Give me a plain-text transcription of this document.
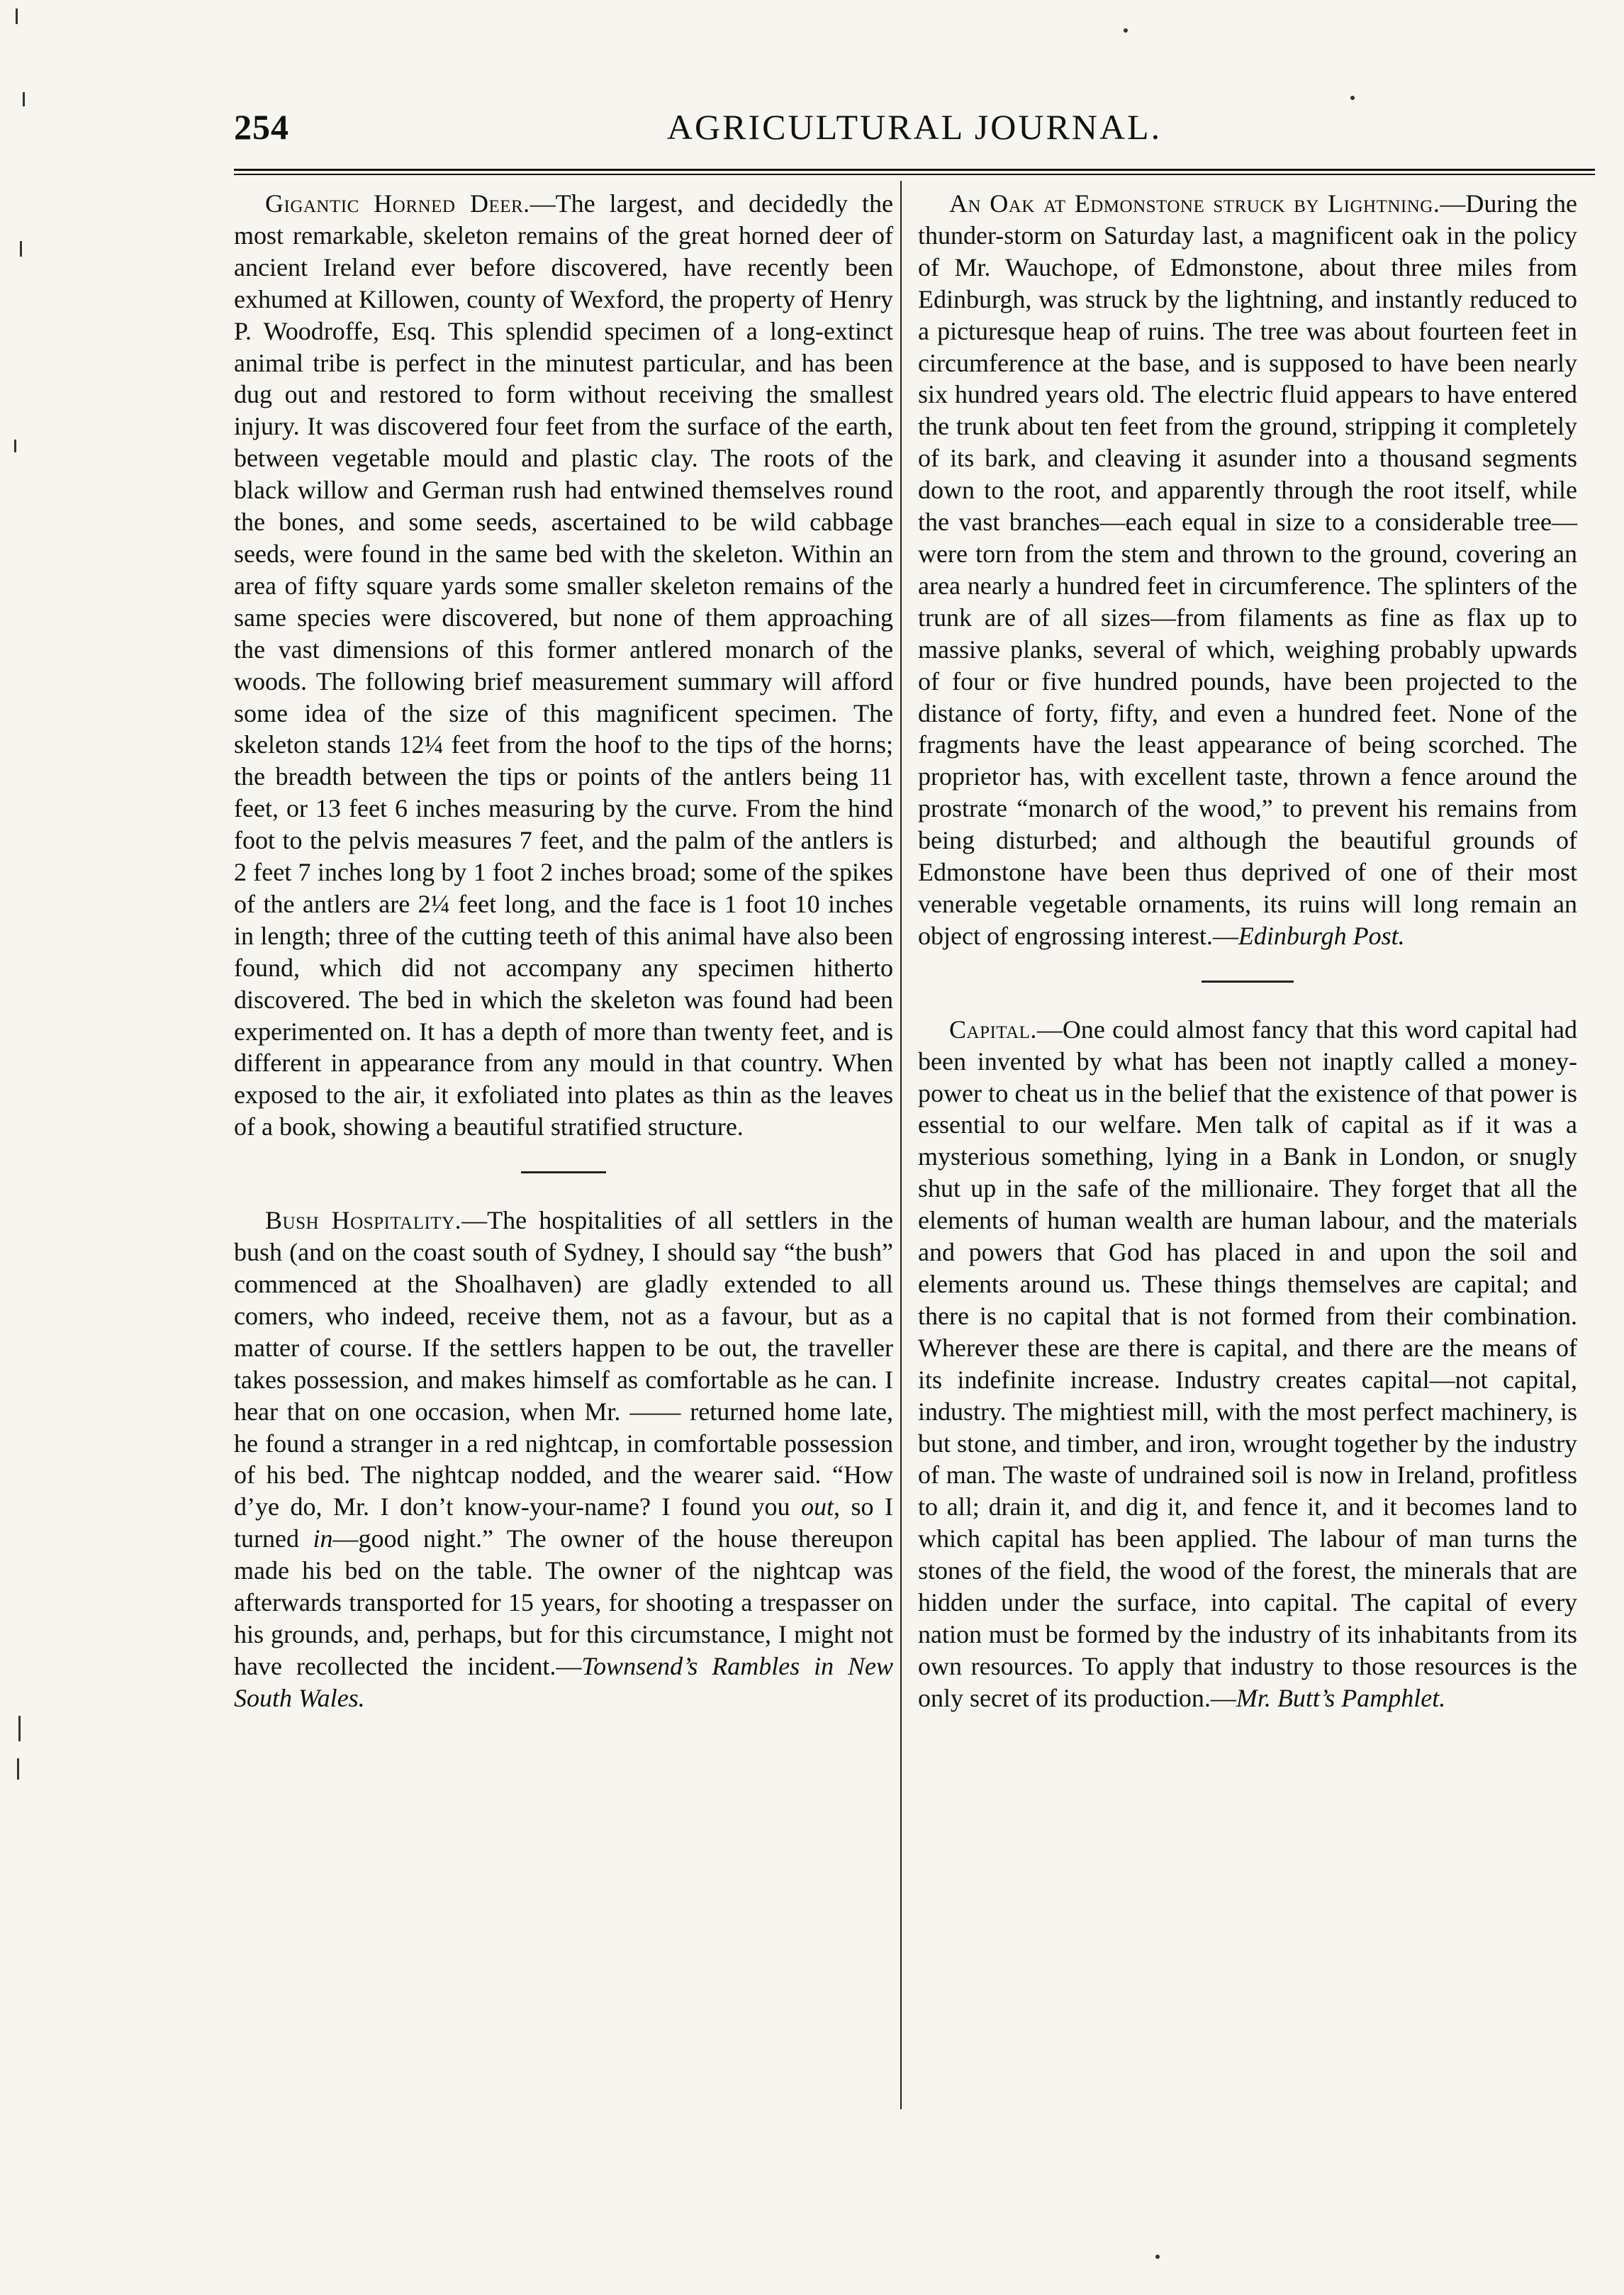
254	AGRICULTURAL JOURNAL.

Gigantic Horned Deer.—The largest, and decidedly the most remarkable, skeleton remains of the great horned deer of ancient Ireland ever before discovered, have recently been exhumed at Killowen, county of Wexford, the property of Henry P. Woodroffe, Esq. This splendid specimen of a long-extinct animal tribe is perfect in the minutest particular, and has been dug out and restored to form without receiving the smallest injury. It was discovered four feet from the surface of the earth, between vegetable mould and plastic clay. The roots of the black willow and German rush had entwined themselves round the bones, and some seeds, ascertained to be wild cabbage seeds, were found in the same bed with the skeleton. Within an area of fifty square yards some smaller skeleton remains of the same species were discovered, but none of them approaching the vast dimensions of this former antlered monarch of the woods. The following brief measurement summary will afford some idea of the size of this magnificent specimen. The skeleton stands 12¼ feet from the hoof to the tips of the horns; the breadth between the tips or points of the antlers being 11 feet, or 13 feet 6 inches measuring by the curve. From the hind foot to the pelvis measures 7 feet, and the palm of the antlers is 2 feet 7 inches long by 1 foot 2 inches broad; some of the spikes of the antlers are 2¼ feet long, and the face is 1 foot 10 inches in length; three of the cutting teeth of this animal have also been found, which did not accompany any specimen hitherto discovered. The bed in which the skeleton was found had been experimented on. It has a depth of more than twenty feet, and is different in appearance from any mould in that country. When exposed to the air, it exfoliated into plates as thin as the leaves of a book, showing a beautiful stratified structure.

Bush Hospitality.—The hospitalities of all settlers in the bush (and on the coast south of Sydney, I should say “the bush” commenced at the Shoalhaven) are gladly extended to all comers, who indeed, receive them, not as a favour, but as a matter of course. If the settlers happen to be out, the traveller takes possession, and makes himself as comfortable as he can. I hear that on one occasion, when Mr. —— returned home late, he found a stranger in a red nightcap, in comfortable possession of his bed. The nightcap nodded, and the wearer said. “How d’ye do, Mr. I don’t know-your-name? I found you out, so I turned in—good night.” The owner of the house thereupon made his bed on the table. The owner of the nightcap was afterwards transported for 15 years, for shooting a trespasser on his grounds, and, perhaps, but for this circumstance, I might not have recollected the incident.—Townsend’s Rambles in New South Wales.

An Oak at Edmonstone struck by Lightning.—During the thunder-storm on Saturday last, a magnificent oak in the policy of Mr. Wauchope, of Edmonstone, about three miles from Edinburgh, was struck by the lightning, and instantly reduced to a picturesque heap of ruins. The tree was about fourteen feet in circumference at the base, and is supposed to have been nearly six hundred years old. The electric fluid appears to have entered the trunk about ten feet from the ground, stripping it completely of its bark, and cleaving it asunder into a thousand segments down to the root, and apparently through the root itself, while the vast branches—each equal in size to a considerable tree—were torn from the stem and thrown to the ground, covering an area nearly a hundred feet in circumference. The splinters of the trunk are of all sizes—from filaments as fine as flax up to massive planks, several of which, weighing probably upwards of four or five hundred pounds, have been projected to the distance of forty, fifty, and even a hundred feet. None of the fragments have the least appearance of being scorched. The proprietor has, with excellent taste, thrown a fence around the prostrate “monarch of the wood,” to prevent his remains from being disturbed; and although the beautiful grounds of Edmonstone have been thus deprived of one of their most venerable vegetable ornaments, its ruins will long remain an object of engrossing interest.—Edinburgh Post.

Capital.—One could almost fancy that this word capital had been invented by what has been not inaptly called a money-power to cheat us in the belief that the existence of that power is essential to our welfare. Men talk of capital as if it was a mysterious something, lying in a Bank in London, or snugly shut up in the safe of the millionaire. They forget that all the elements of human wealth are human labour, and the materials and powers that God has placed in and upon the soil and elements around us. These things themselves are capital; and there is no capital that is not formed from their combination. Wherever these are there is capital, and there are the means of its indefinite increase. Industry creates capital—not capital, industry. The mightiest mill, with the most perfect machinery, is but stone, and timber, and iron, wrought together by the industry of man. The waste of undrained soil is now in Ireland, profitless to all; drain it, and dig it, and fence it, and it becomes land to which capital has been applied. The labour of man turns the stones of the field, the wood of the forest, the minerals that are hidden under the surface, into capital. The capital of every nation must be formed by the industry of its inhabitants from its own resources. To apply that industry to those resources is the only secret of its production.—Mr. Butt’s Pamphlet.
